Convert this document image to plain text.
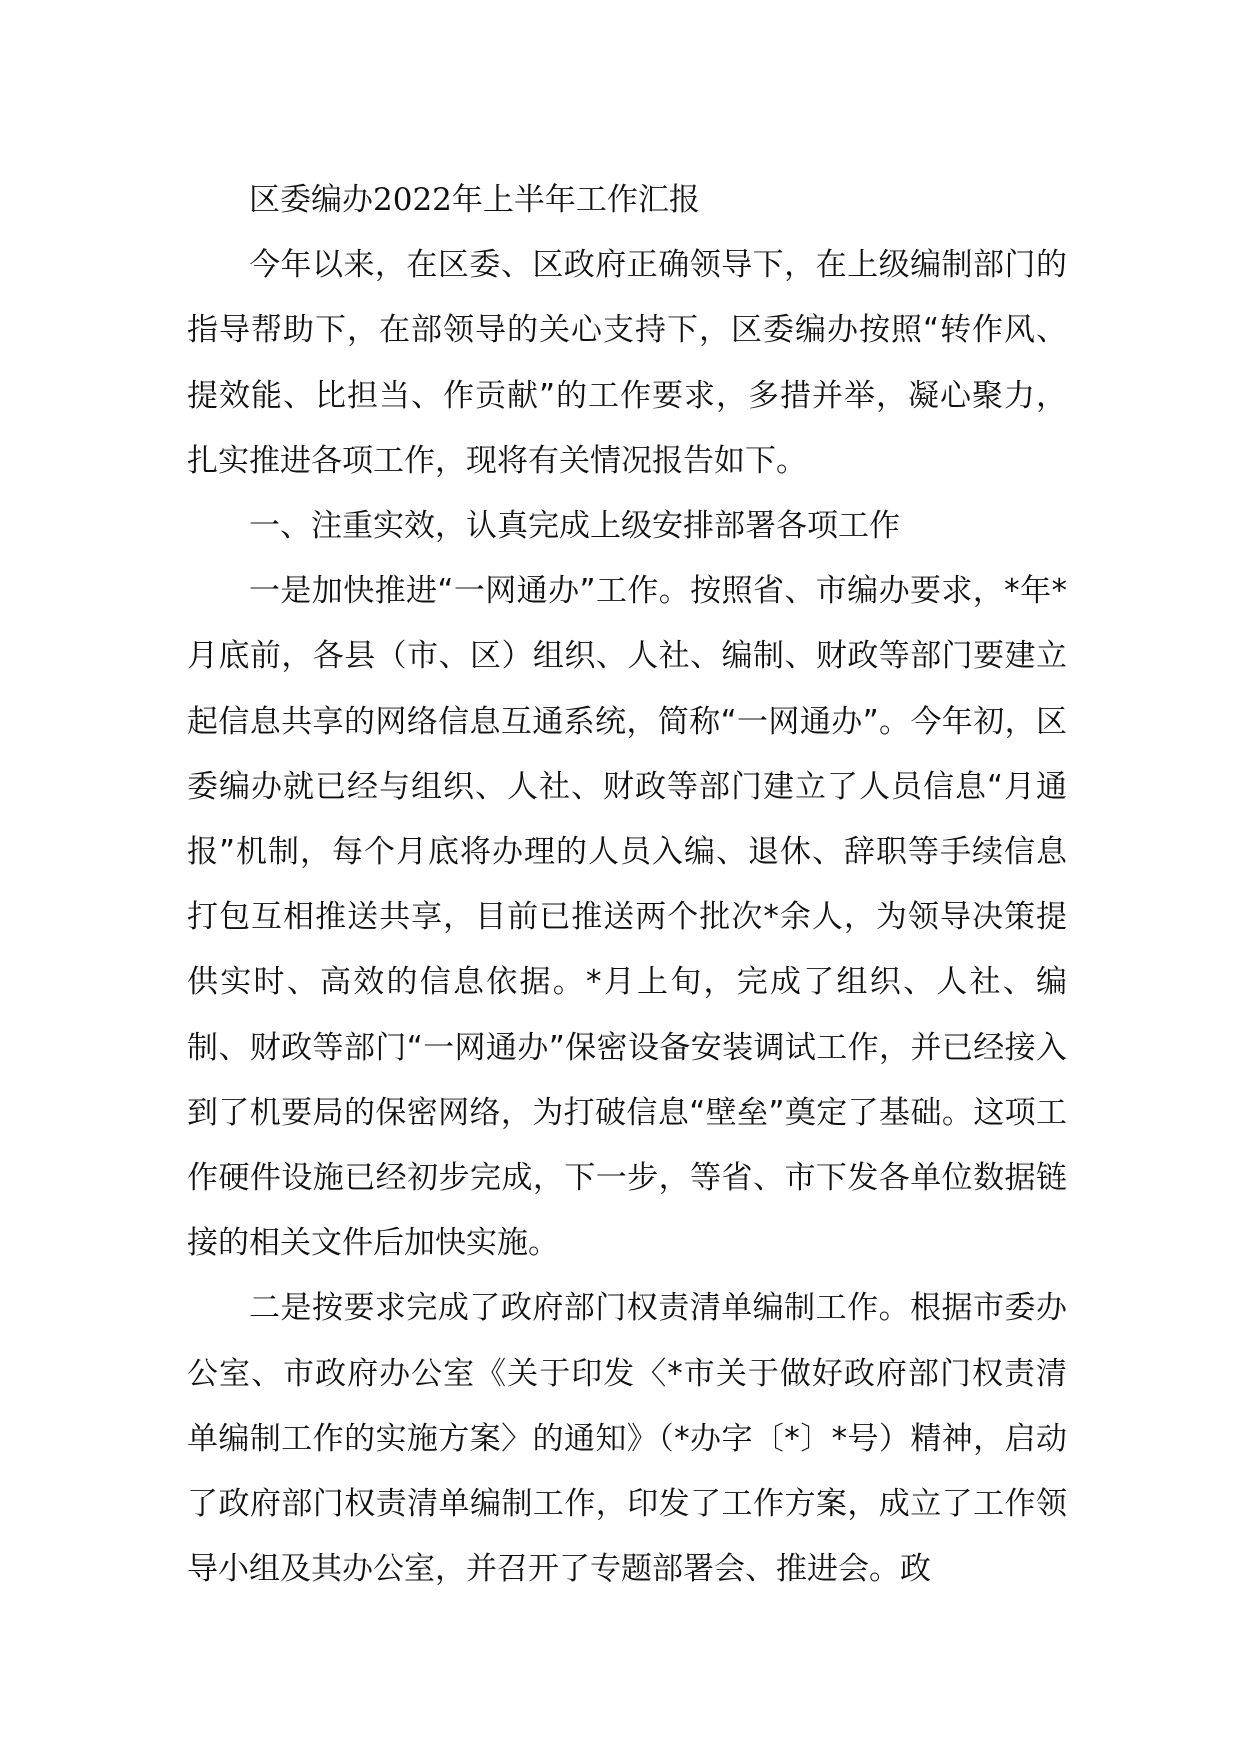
区委编办2022年上半年工作汇报

今年以来，在区委、区政府正确领导下，在上级编制部门的指导帮助下，在部领导的关心支持下，区委编办按照“转作风、提效能、比担当、作贡献”的工作要求，多措并举，凝心聚力，扎实推进各项工作，现将有关情况报告如下。

一、注重实效，认真完成上级安排部署各项工作

一是加快推进“一网通办”工作。按照省、市编办要求，*年*月底前，各县（市、区）组织、人社、编制、财政等部门要建立起信息共享的网络信息互通系统，简称“一网通办”。今年初，区委编办就已经与组织、人社、财政等部门建立了人员信息“月通报”机制，每个月底将办理的人员入编、退休、辞职等手续信息打包互相推送共享，目前已推送两个批次*余人，为领导决策提供实时、高效的信息依据。*月上旬，完成了组织、人社、编制、财政等部门“一网通办”保密设备安装调试工作，并已经接入到了机要局的保密网络，为打破信息“壁垒”奠定了基础。这项工作硬件设施已经初步完成，下一步，等省、市下发各单位数据链接的相关文件后加快实施。

二是按要求完成了政府部门权责清单编制工作。根据市委办公室、市政府办公室《关于印发〈*市关于做好政府部门权责清单编制工作的实施方案〉的通知》（*办字〔*〕*号）精神，启动了政府部门权责清单编制工作，印发了工作方案，成立了工作领导小组及其办公室，并召开了专题部署会、推进会。政
